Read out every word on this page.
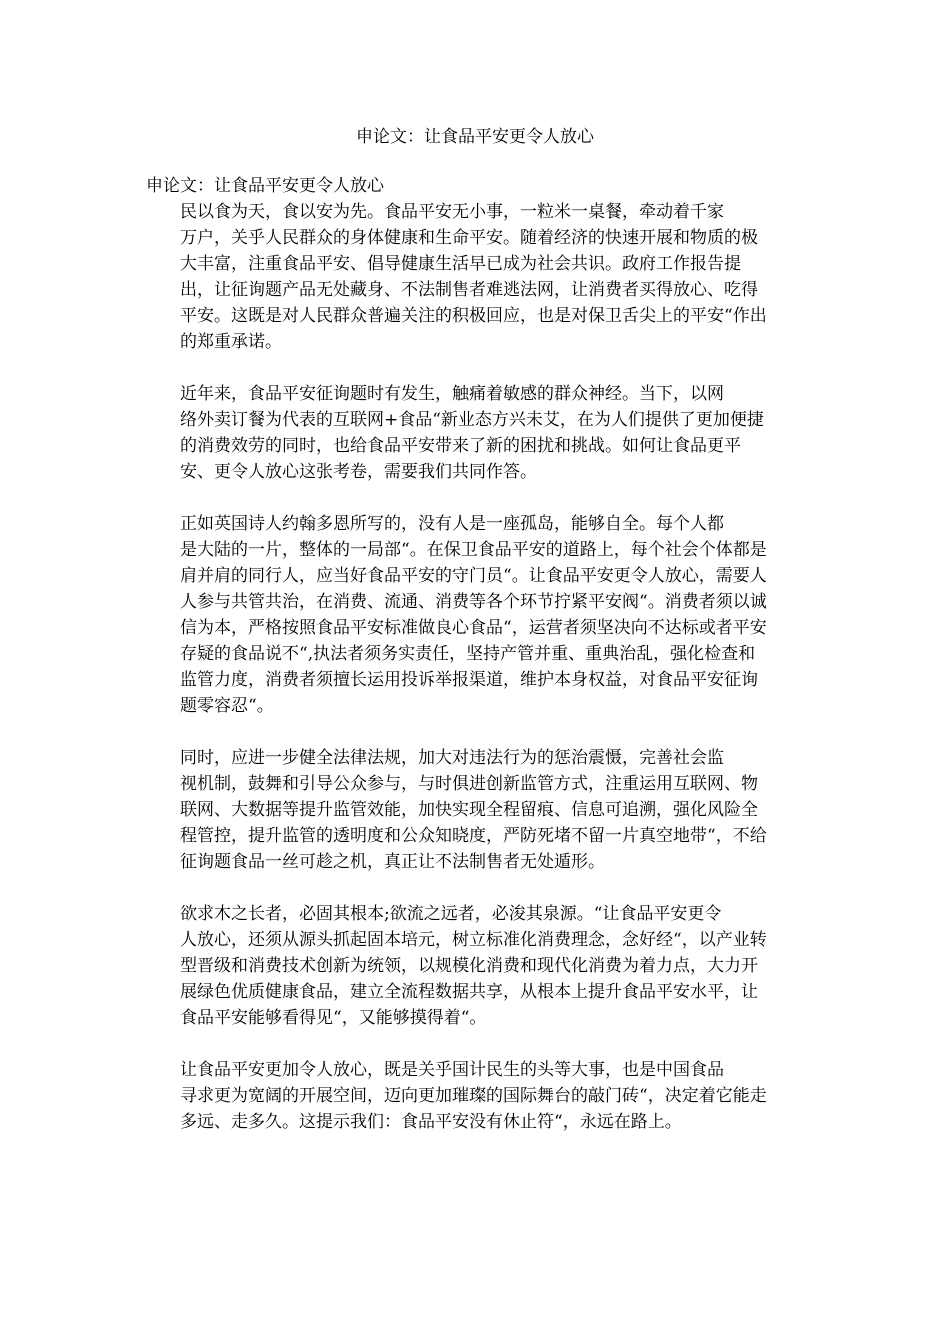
申论文：让食品平安更令人放心

申论文：让食品平安更令人放心

民以食为天，食以安为先。食品平安无小事，一粒米一桌餐，牵动着千家
万户，关乎人民群众的身体健康和生命平安。随着经济的快速开展和物质的极
大丰富，注重食品平安、倡导健康生活早已成为社会共识。政府工作报告提
出，让征询题产品无处藏身、不法制售者难逃法网，让消费者买得放心、吃得
平安。这既是对人民群众普遍关注的积极回应，也是对保卫舌尖上的平安“作出
的郑重承诺。

近年来，食品平安征询题时有发生，触痛着敏感的群众神经。当下，以网
络外卖订餐为代表的互联网+食品“新业态方兴未艾，在为人们提供了更加便捷
的消费效劳的同时，也给食品平安带来了新的困扰和挑战。如何让食品更平
安、更令人放心这张考卷，需要我们共同作答。

正如英国诗人约翰多恩所写的，没有人是一座孤岛，能够自全。每个人都
是大陆的一片，整体的一局部“。在保卫食品平安的道路上，每个社会个体都是
肩并肩的同行人，应当好食品平安的守门员“。让食品平安更令人放心，需要人
人参与共管共治，在消费、流通、消费等各个环节拧紧平安阀“。消费者须以诚
信为本，严格按照食品平安标准做良心食品“，运营者须坚决向不达标或者平安
存疑的食品说不“,执法者须务实责任，坚持产管并重、重典治乱，强化检查和
监管力度，消费者须擅长运用投诉举报渠道，维护本身权益，对食品平安征询
题零容忍“。

同时，应进一步健全法律法规，加大对违法行为的惩治震慑，完善社会监
视机制，鼓舞和引导公众参与，与时俱进创新监管方式，注重运用互联网、物
联网、大数据等提升监管效能，加快实现全程留痕、信息可追溯，强化风险全
程管控，提升监管的透明度和公众知晓度，严防死堵不留一片真空地带“，不给
征询题食品一丝可趁之机，真正让不法制售者无处遁形。

欲求木之长者，必固其根本;欲流之远者，必浚其泉源。“让食品平安更令
人放心，还须从源头抓起固本培元，树立标准化消费理念，念好经“，以产业转
型晋级和消费技术创新为统领，以规模化消费和现代化消费为着力点，大力开
展绿色优质健康食品，建立全流程数据共享，从根本上提升食品平安水平，让
食品平安能够看得见“，又能够摸得着“。

让食品平安更加令人放心，既是关乎国计民生的头等大事，也是中国食品
寻求更为宽阔的开展空间，迈向更加璀璨的国际舞台的敲门砖“，决定着它能走
多远、走多久。这提示我们：食品平安没有休止符“，永远在路上。
